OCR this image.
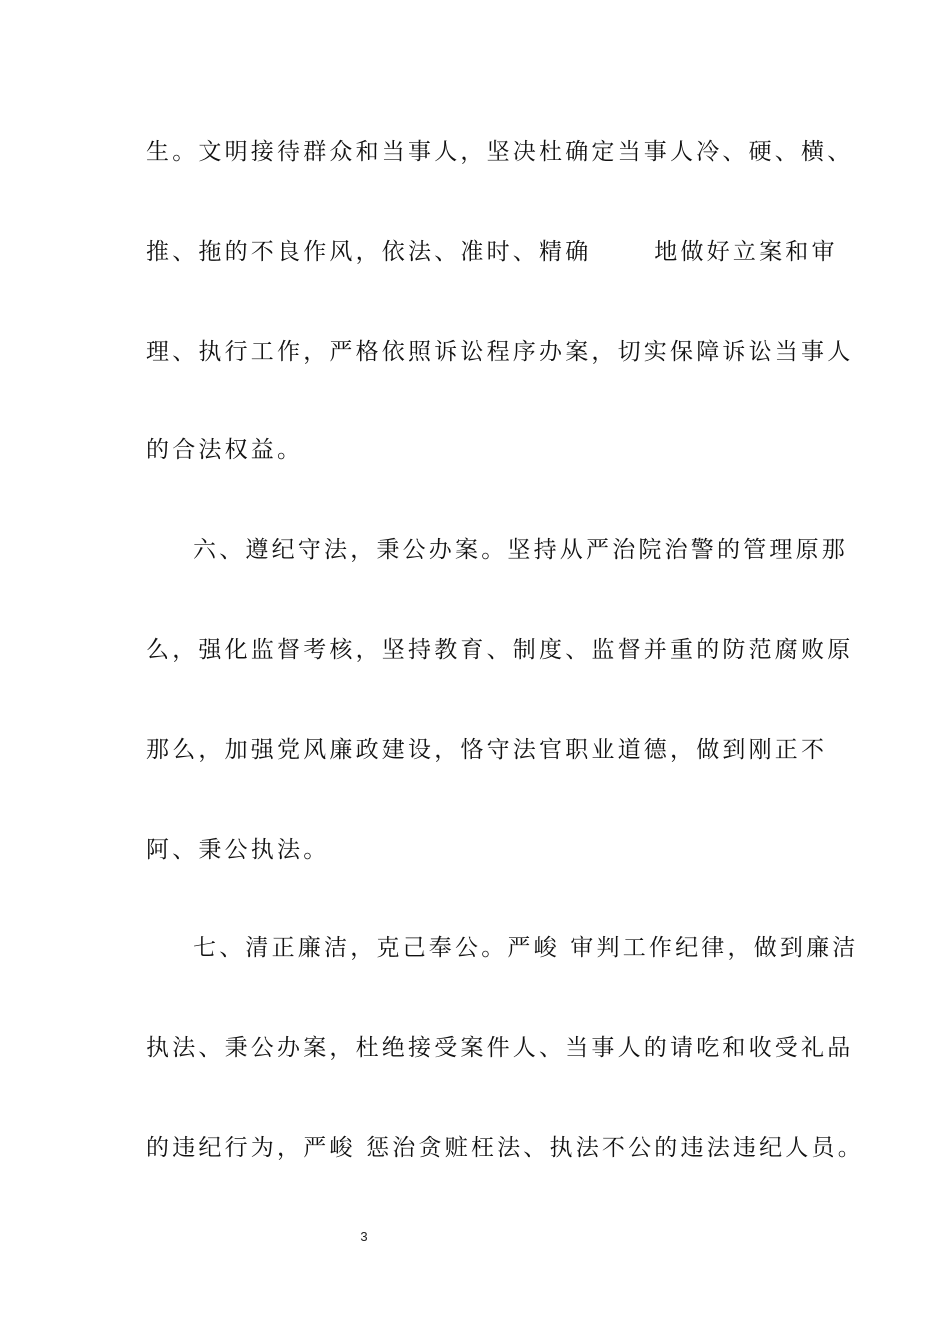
生。文明接待群众和当事人，坚决杜确定当事人冷、硬、横、
推、拖的不良作风，依法、准时、精确 　　地做好立案和审
理、执行工作，严格依照诉讼程序办案，切实保障诉讼当事人
的合法权益。
六、遵纪守法，秉公办案。坚持从严治院治警的管理原那
么，强化监督考核，坚持教育、制度、监督并重的防范腐败原
那么，加强党风廉政建设，恪守法官职业道德，做到刚正不
阿、秉公执法。
七、清正廉洁，克己奉公。严峻 审判工作纪律，做到廉洁
执法、秉公办案，杜绝接受案件人、当事人的请吃和收受礼品
的违纪行为，严峻 惩治贪赃枉法、执法不公的违法违纪人员。
3
